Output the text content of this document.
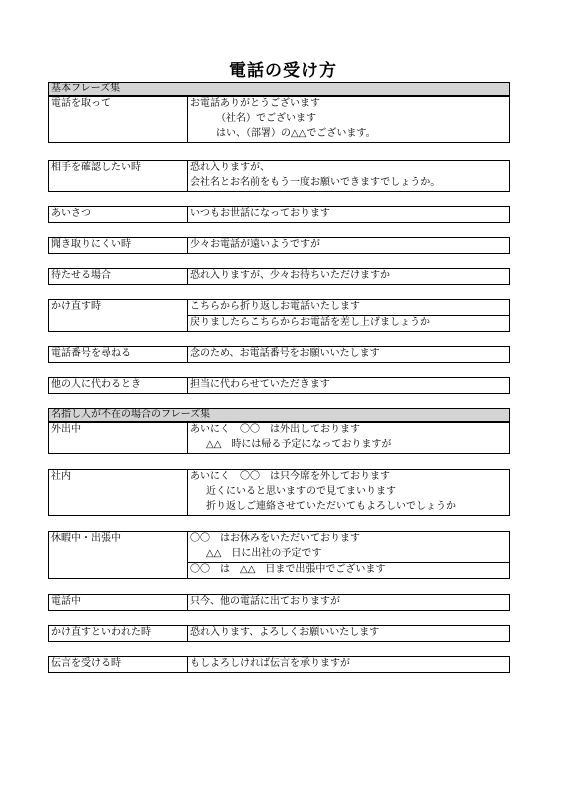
電話の受け方
基本フレーズ集
電話を取って	お電話ありがとうございます
（社名）でございます
はい、（部署）の△△でございます。
相手を確認したい時	恐れ入りますが、
会社名とお名前をもう一度お願いできますでしょうか。
あいさつ	いつもお世話になっております
聞き取りにくい時	少々お電話が遠いようですが
待たせる場合	恐れ入りますが、少々お待ちいただけますか
かけ直す時	こちらから折り返しお電話いたします
戻りましたらこちらからお電話を差し上げましょうか
電話番号を尋ねる	念のため、お電話番号をお願いいたします
他の人に代わるとき	担当に代わらせていただきます
名指し人が不在の場合のフレーズ集
外出中	あいにく　〇〇　は外出しております
△△　時には帰る予定になっておりますが
社内	あいにく　〇〇　は只今席を外しております
近くにいると思いますので見てまいります
折り返しご連絡させていただいてもよろしいでしょうか
休暇中・出張中	〇〇　はお休みをいただいております
△△　日に出社の予定です
〇〇　は　△△　日まで出張中でございます
電話中	只今、他の電話に出ておりますが
かけ直すといわれた時	恐れ入ります、よろしくお願いいたします
伝言を受ける時	もしよろしければ伝言を承りますが
